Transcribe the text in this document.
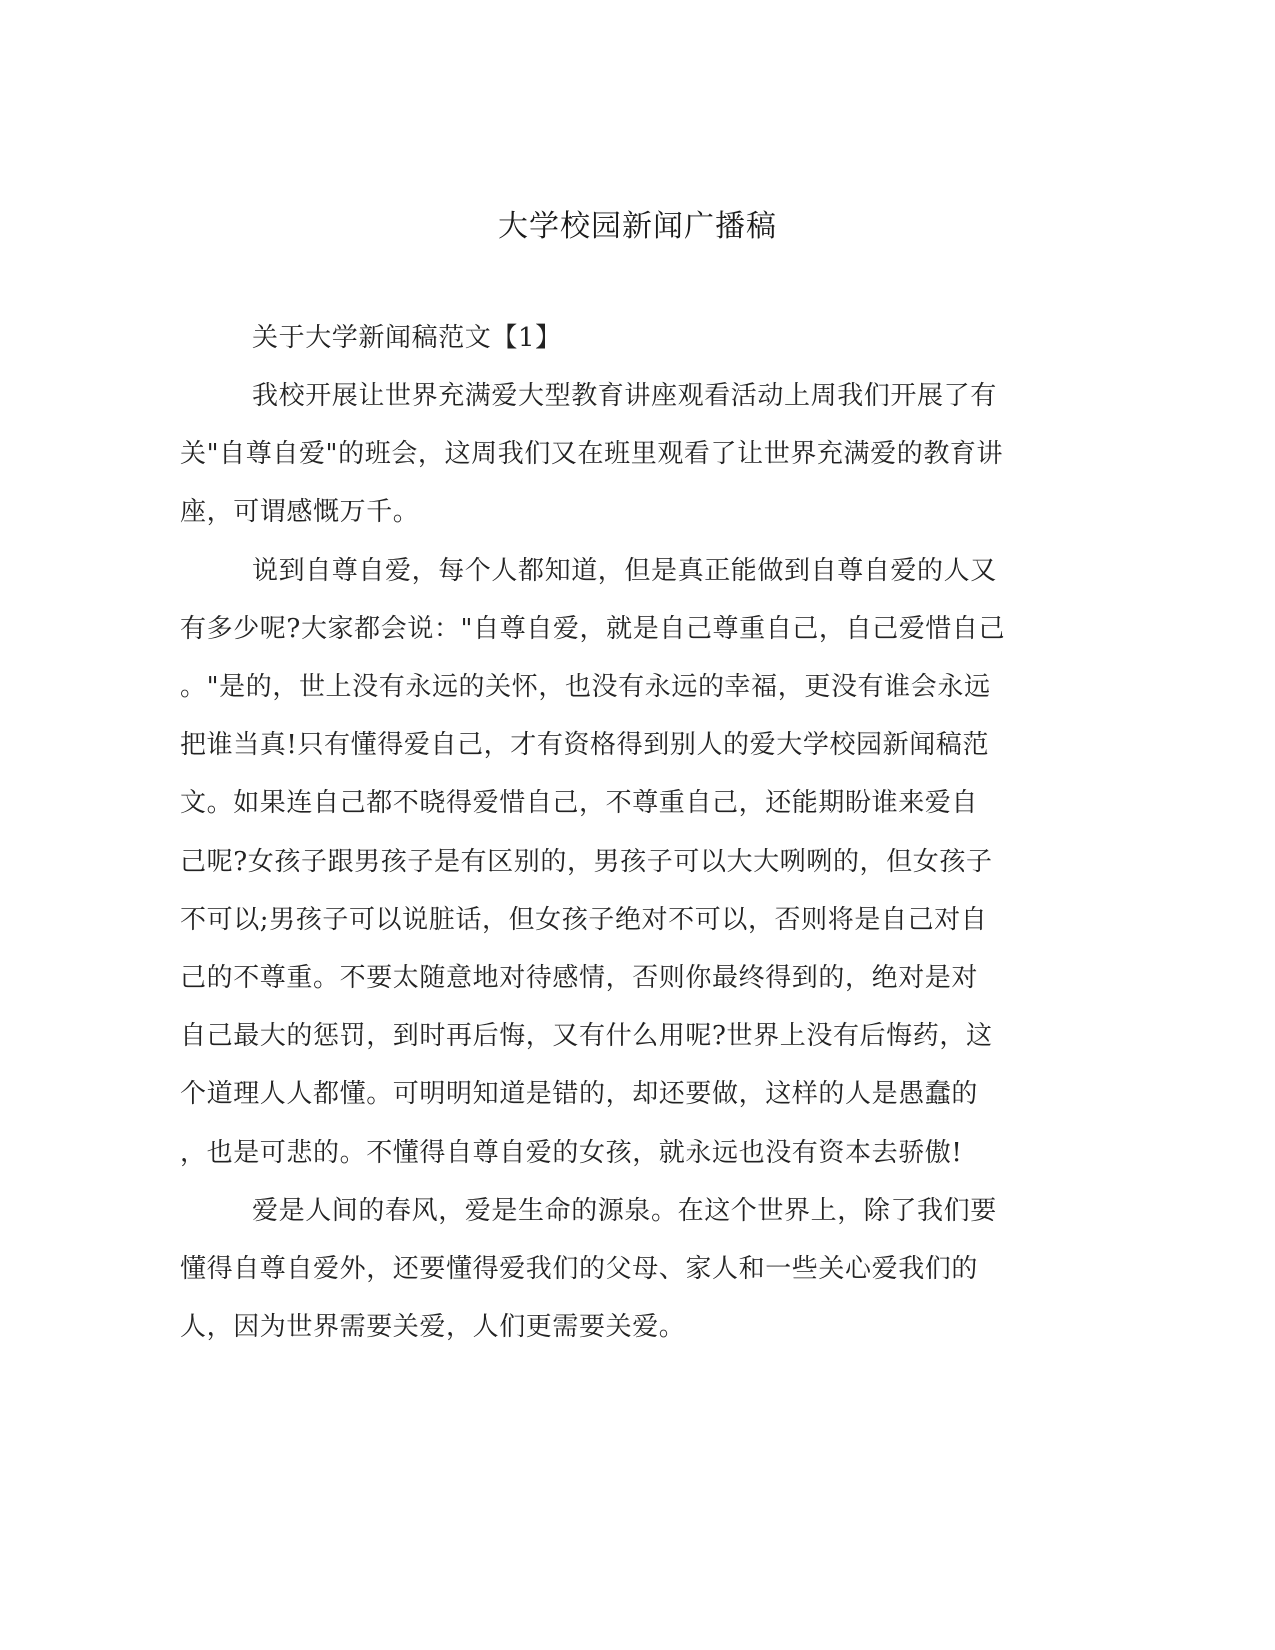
大学校园新闻广播稿
关于大学新闻稿范文【1】
我校开展让世界充满爱大型教育讲座观看活动上周我们开展了有
关"自尊自爱"的班会，这周我们又在班里观看了让世界充满爱的教育讲
座，可谓感慨万千。
说到自尊自爱，每个人都知道，但是真正能做到自尊自爱的人又
有多少呢?大家都会说："自尊自爱，就是自己尊重自己，自己爱惜自己
。"是的，世上没有永远的关怀，也没有永远的幸福，更没有谁会永远
把谁当真!只有懂得爱自己，才有资格得到别人的爱大学校园新闻稿范
文。如果连自己都不晓得爱惜自己，不尊重自己，还能期盼谁来爱自
己呢?女孩子跟男孩子是有区别的，男孩子可以大大咧咧的，但女孩子
不可以;男孩子可以说脏话，但女孩子绝对不可以，否则将是自己对自
己的不尊重。不要太随意地对待感情，否则你最终得到的，绝对是对
自己最大的惩罚，到时再后悔，又有什么用呢?世界上没有后悔药，这
个道理人人都懂。可明明知道是错的，却还要做，这样的人是愚蠢的
，也是可悲的。不懂得自尊自爱的女孩，就永远也没有资本去骄傲!
爱是人间的春风，爱是生命的源泉。在这个世界上，除了我们要
懂得自尊自爱外，还要懂得爱我们的父母、家人和一些关心爱我们的
人，因为世界需要关爱，人们更需要关爱。
